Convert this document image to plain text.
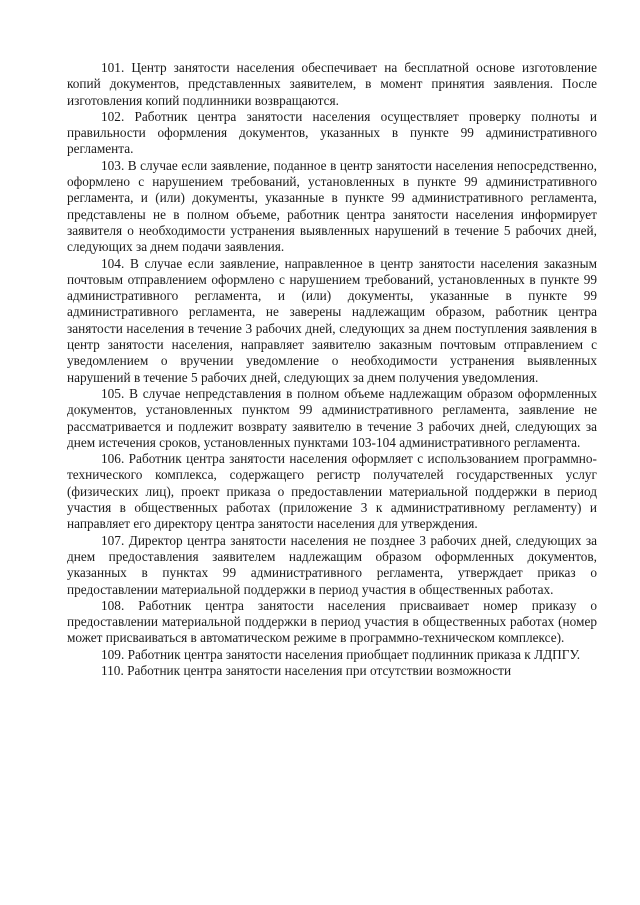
101. Центр занятости населения обеспечивает на бесплатной основе изготовление копий документов, представленных заявителем, в момент принятия заявления. После изготовления копий подлинники возвращаются.

102. Работник центра занятости населения осуществляет проверку полноты и правильности оформления документов, указанных в пункте 99 административного регламента.

103. В случае если заявление, поданное в центр занятости населения непосредственно, оформлено с нарушением требований, установленных в пункте 99 административного регламента, и (или) документы, указанные в пункте 99 административного регламента, представлены не в полном объеме, работник центра занятости населения информирует заявителя о необходимости устранения выявленных нарушений в течение 5 рабочих дней, следующих за днем подачи заявления.

104. В случае если заявление, направленное в центр занятости населения заказным почтовым отправлением оформлено с нарушением требований, установленных в пункте 99 административного регламента, и (или) документы, указанные в пункте 99 административного регламента, не заверены надлежащим образом, работник центра занятости населения в течение 3 рабочих дней, следующих за днем поступления заявления в центр занятости населения, направляет заявителю заказным почтовым отправлением с уведомлением о вручении уведомление о необходимости устранения выявленных нарушений в течение 5 рабочих дней, следующих за днем получения уведомления.

105. В случае непредставления в полном объеме надлежащим образом оформленных документов, установленных пунктом 99 административного регламента, заявление не рассматривается и подлежит возврату заявителю в течение 3 рабочих дней, следующих за днем истечения сроков, установленных пунктами 103-104 административного регламента.

106. Работник центра занятости населения оформляет с использованием программно-технического комплекса, содержащего регистр получателей государственных услуг (физических лиц), проект приказа о предоставлении материальной поддержки в период участия в общественных работах (приложение 3 к административному регламенту) и направляет его директору центра занятости населения для утверждения.

107. Директор центра занятости населения не позднее 3 рабочих дней, следующих за днем предоставления заявителем надлежащим образом оформленных документов, указанных в пунктах 99 административного регламента, утверждает приказ о предоставлении материальной поддержки в период участия в общественных работах.

108. Работник центра занятости населения присваивает номер приказу о предоставлении материальной поддержки в период участия в общественных работах (номер может присваиваться в автоматическом режиме в программно-техническом комплексе).

109. Работник центра занятости населения приобщает подлинник приказа к ЛДПГУ.

110. Работник центра занятости населения при отсутствии возможности
